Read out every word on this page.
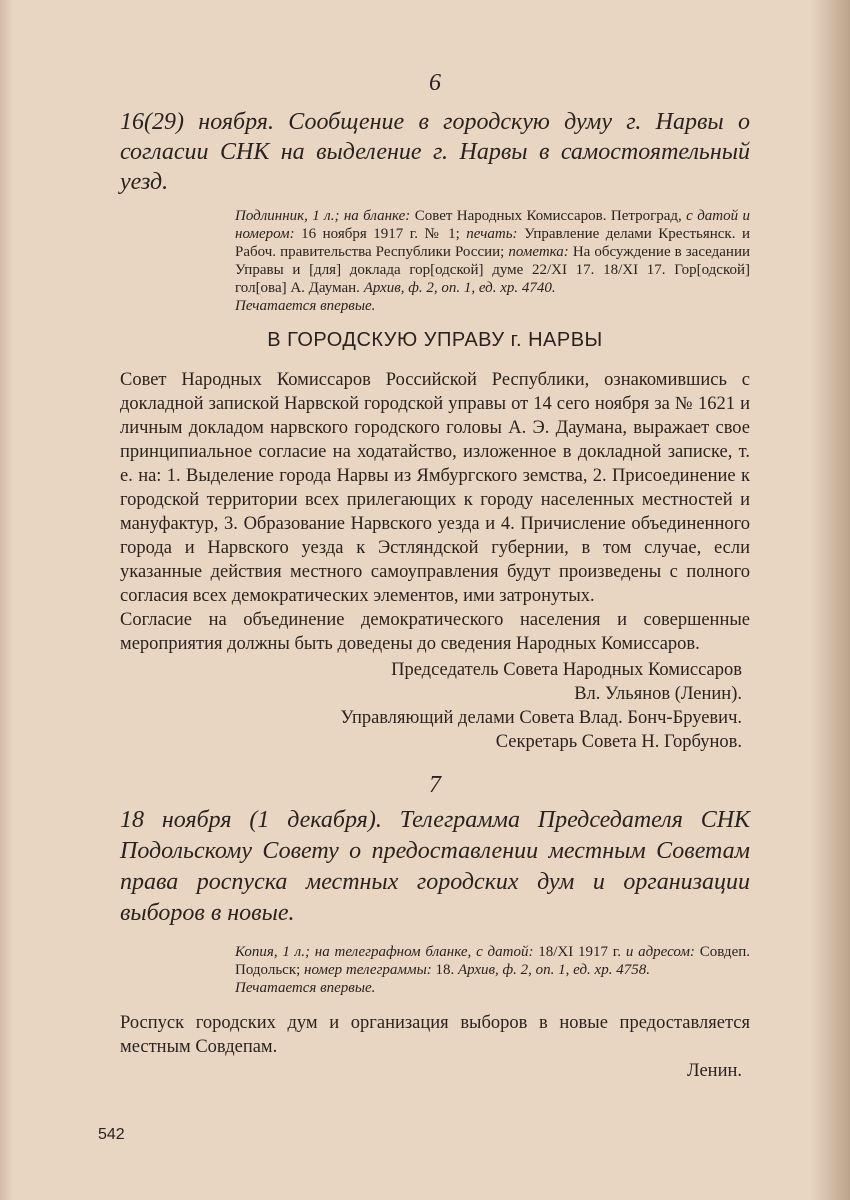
6

16(29) ноября. Сообщение в городскую думу г. Нарвы о согласии СНК на выделение г. Нарвы в самостоятельный уезд.

Подлинник, 1 л.; на бланке: Совет Народных Комиссаров. Петроград, с датой и номером: 16 ноября 1917 г. № 1; печать: Управление делами Крестьянск. и Рабоч. правительства Республики России; пометка: На обсуждение в заседании Управы и [для] доклада гор[одской] думе 22/XI 17. 18/XI 17. Гор[одской] гол[ова] А. Дауман. Архив, ф. 2, оп. 1, ед. хр. 4740.

Печатается впервые.

В ГОРОДСКУЮ УПРАВУ г. НАРВЫ

Совет Народных Комиссаров Российской Республики, ознакомившись с докладной запиской Нарвской городской управы от 14 сего ноября за № 1621 и личным докладом нарвского городского головы А. Э. Даумана, выражает свое принципиальное согласие на ходатайство, изложенное в докладной записке, т. е. на: 1. Выделение города Нарвы из Ямбургского земства, 2. Присоединение к городской территории всех прилегающих к городу населенных местностей и мануфактур, 3. Образование Нарвского уезда и 4. Причисление объединенного города и Нарвского уезда к Эстляндской губернии, в том случае, если указанные действия местного самоуправления будут произведены с полного согласия всех демократических элементов, ими затронутых.

Согласие на объединение демократического населения и совершенные мероприятия должны быть доведены до сведения Народных Комиссаров.

Председатель Совета Народных Комиссаров

Вл. Ульянов (Ленин).

Управляющий делами Совета Влад. Бонч-Бруевич.

Секретарь Совета Н. Горбунов.

7

18 ноября (1 декабря). Телеграмма Председателя СНК Подольскому Совету о предоставлении местным Советам права роспуска местных городских дум и организации выборов в новые.

Копия, 1 л.; на телеграфном бланке, с датой: 18/XI 1917 г. и адресом: Совдеп. Подольск; номер телеграммы: 18. Архив, ф. 2, оп. 1, ед. хр. 4758.

Печатается впервые.

Роспуск городских дум и организация выборов в новые предоставляется местным Совдепам.

Ленин.

542
